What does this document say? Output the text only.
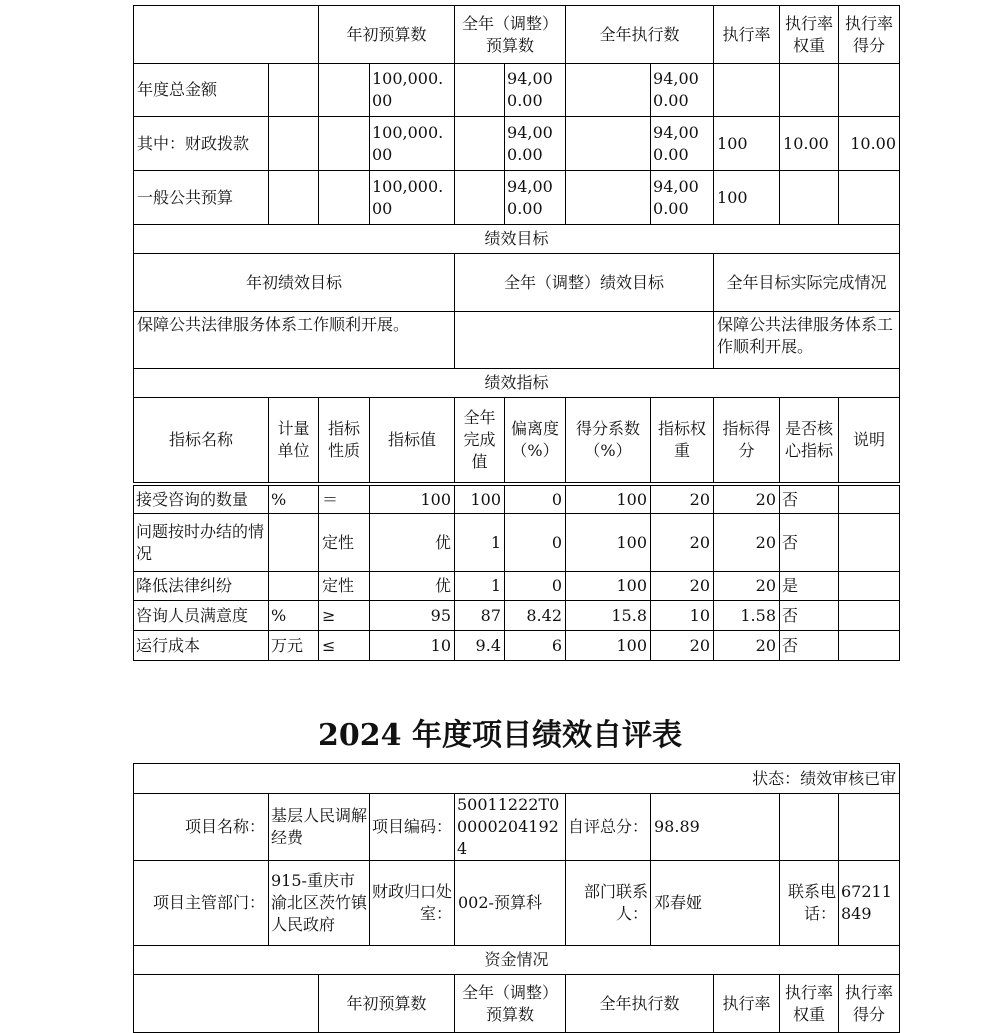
		年初预算数		全年（调整）预算数		全年执行数		执行率	执行率权重	执行率得分
年度总金额			100,000.00		94,000.00		94,000.00			
其中：财政拨款			100,000.00		94,000.00		94,000.00	100	10.00	10.00
一般公共预算			100,000.00		94,000.00		94,000.00	100		
绩效目标										
年初绩效目标				全年（调整）绩效目标				全年目标实际完成情况		
保障公共法律服务体系工作顺利开展。								保障公共法律服务体系工作顺利开展。		
绩效指标										
指标名称	计量单位	指标性质	指标值	全年完成值	偏离度（%）	得分系数（%）	指标权重	指标得分	是否核心指标	说明
接受咨询的数量	%	＝	100	100	0	100	20	20	否	
问题按时办结的情况		定性	优	1	0	100	20	20	否	
降低法律纠纷		定性	优	1	0	100	20	20	是	
咨询人员满意度	%	≥	95	87	8.42	15.8	10	1.58	否	
运行成本	万元	≤	10	9.4	6	100	20	20	否	
2024 年度项目绩效自评表
状态：绩效审核已审									
项目名称：	基层人民调解经费		项目编码：	50011222T000002041924	自评总分：	98.89			
项目主管部门：	915-重庆市渝北区茨竹镇人民政府		财政归口处室：	002-预算科	部门联系人：	邓春娅		联系电话：	67211849
资金情况									
		年初预算数		全年（调整）预算数	全年执行数		执行率	执行率权重	执行率得分
